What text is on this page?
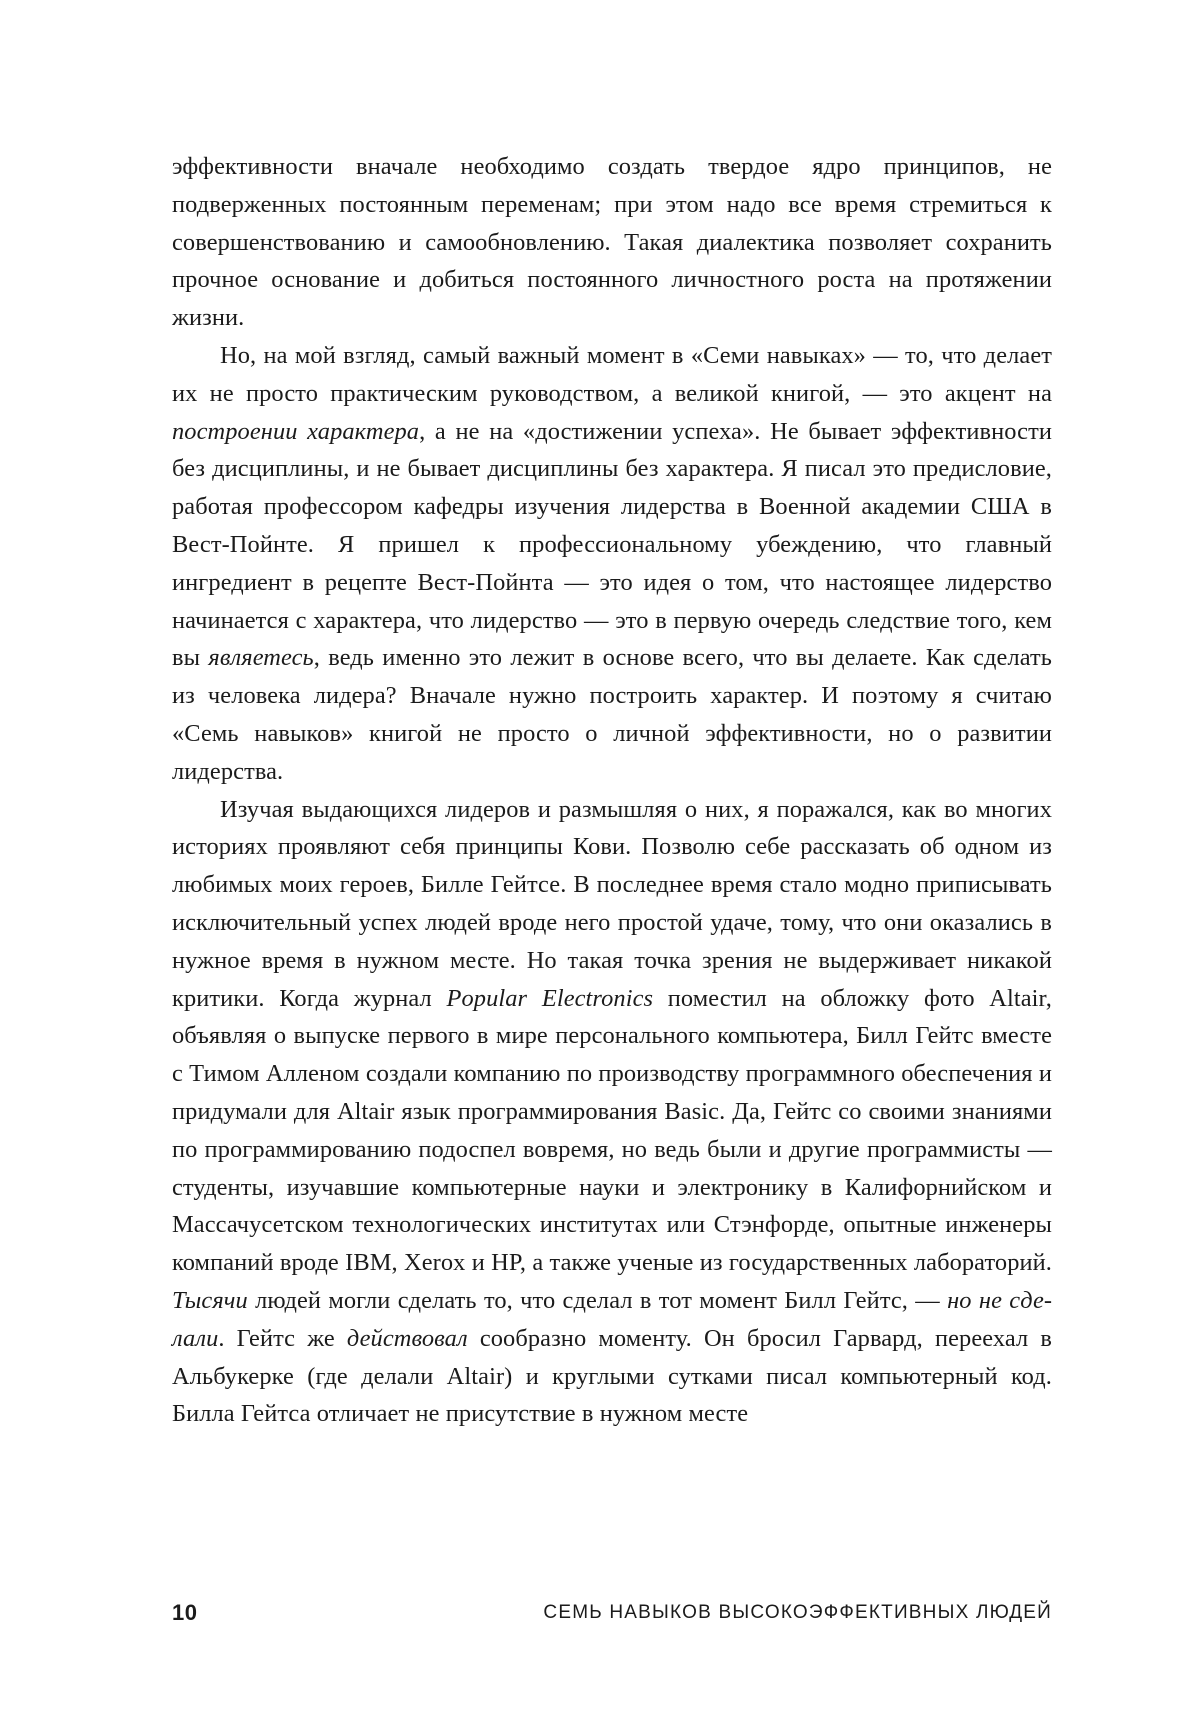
эффективности вначале необходимо создать твердое ядро принципов, не подверженных постоянным переменам; при этом надо все время стремиться к совершенствованию и самообновлению. Такая диалектика позволяет сохранить прочное основание и добиться постоянного личностного роста на протяжении жизни.

Но, на мой взгляд, самый важный момент в «Семи навыках» — то, что делает их не просто практическим руководством, а великой книгой, — это акцент на построении характера, а не на «достижении успеха». Не бывает эффективности без дисциплины, и не бывает дисциплины без характера. Я писал это предисловие, работая профессором кафедры изучения лидерства в Военной академии США в Вест-Пойнте. Я пришел к профессиональному убеждению, что главный ингредиент в рецепте Вест-Пойнта — это идея о том, что настоящее лидерство начинается с характера, что лидерство — это в первую очередь следствие того, кем вы являетесь, ведь именно это лежит в основе всего, что вы делаете. Как сделать из человека лидера? Вначале нужно построить характер. И поэтому я считаю «Семь навыков» книгой не просто о личной эффективности, но о развитии лидерства.

Изучая выдающихся лидеров и размышляя о них, я поражался, как во многих историях проявляют себя принципы Кови. Позволю себе рассказать об одном из любимых моих героев, Билле Гейтсе. В последнее время стало модно приписывать исключительный успех людей вроде него простой удаче, тому, что они оказались в нужное время в нужном месте. Но такая точка зрения не выдерживает никакой критики. Когда журнал Popular Electronics поместил на обложку фото Altair, объявляя о выпуске первого в мире персонального компьютера, Билл Гейтс вместе с Тимом Алленом создали компанию по производству программного обеспечения и придумали для Altair язык программирования Basic. Да, Гейтс со своими знаниями по программированию подоспел вовремя, но ведь были и другие программисты — студенты, изучавшие компьютерные науки и электронику в Калифорнийском и Массачусетском технологических институтах или Стэнфорде, опытные инженеры компаний вроде IBM, Xerox и HP, а также ученые из государственных лабораторий. Тысячи людей могли сделать то, что сделал в тот момент Билл Гейтс, — но не сделали. Гейтс же действовал сообразно моменту. Он бросил Гарвард, переехал в Альбукерке (где делали Altair) и круглыми сутками писал компьютерный код. Билла Гейтса отличает не присутствие в нужном месте

10	СЕМЬ НАВЫКОВ ВЫСОКОЭФФЕКТИВНЫХ ЛЮДЕЙ
